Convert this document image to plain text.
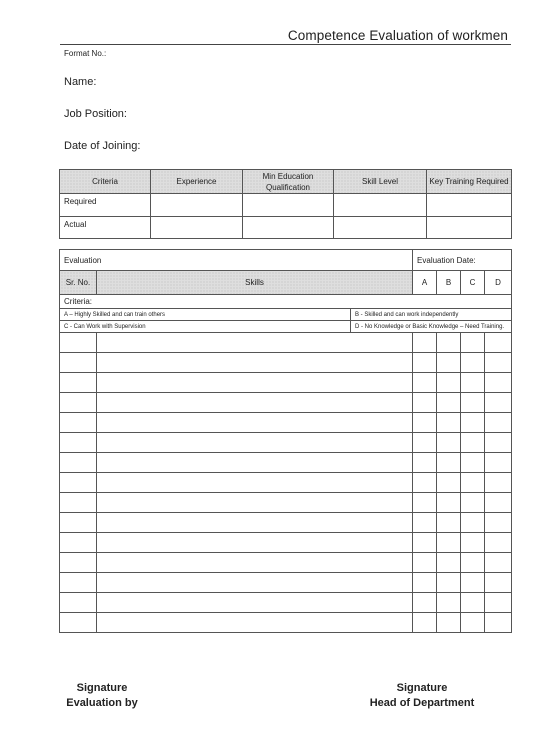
Competence Evaluation of workmen
Format No.:
Name:
Job Position:
Date of Joining:
Criteria	Experience	Min Education Qualification	Skill Level	Key Training Required
Required				
Actual				
Evaluation			Evaluation Date:			
Sr. No.	Skills		A	B	C	D
Criteria:						
A – Highly Skilled and can train others		B - Skilled and can work independently				
C - Can Work with Supervision		D - No Knowledge or Basic Knowledge – Need Training.				

Signature
Evaluation by
Signature
Head of Department
